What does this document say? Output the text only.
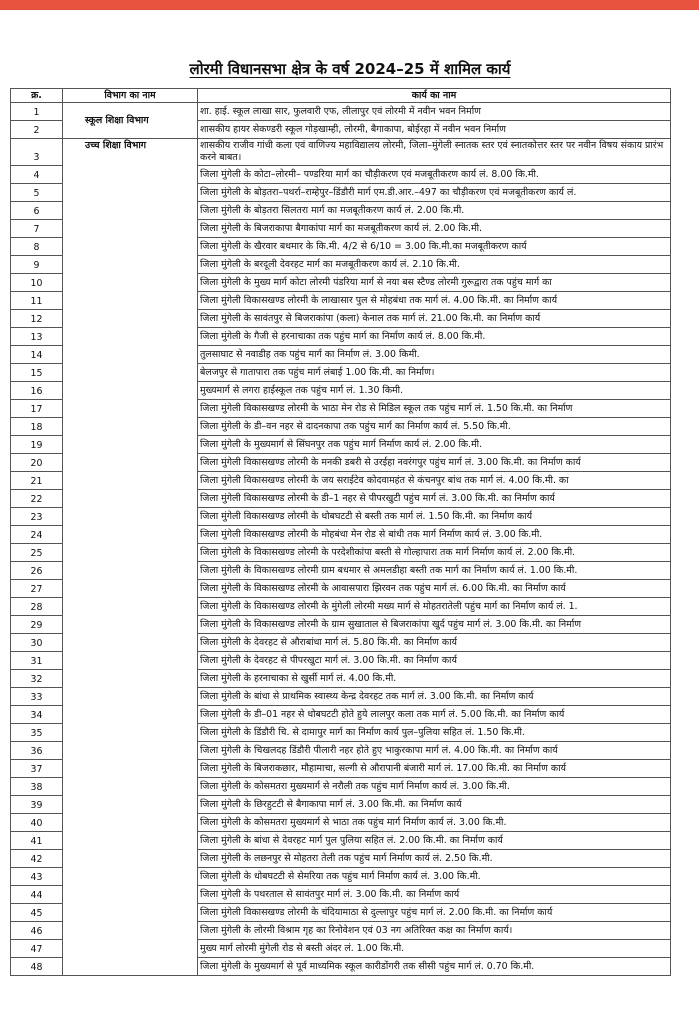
लोरमी विधानसभा क्षेत्र के वर्ष 2024–25 में शामिल कार्य
क्र.	विभाग का नाम	कार्य का नाम
1	स्कूल शिक्षा विभाग	शा. हाई. स्कूल लाखा सार, फुलवारी एफ, लीलापुर एवं लोरमी में नवीन भवन निर्माण
2		शासकीय हायर सेकण्डरी स्कूल गोड़खाम्ही, लोरमी, बैगाकापा, बोईरहा में नवीन भवन निर्माण
3	उच्च शिक्षा विभाग	शासकीय राजीव गांधी कला एवं वाणिज्य महाविद्यालय लोरमी, जिला–मुंगेली स्नातक स्तर एवं स्नातकोत्तर स्तर पर नवीन विषय संकाय प्रारंभ करने बाबत।
4		जिला मुंगेली के कोटा–लोरमी– पण्डरिया मार्ग का चौड़ीकरण एवं मजबूतीकरण कार्य लं. 8.00 कि.मी.
5		जिला मुंगेली के बोड़तरा–पथर्रा–राम्हेपुर–डिंडौरी मार्ग एम.डी.आर.–497 का चौड़ीकरण एवं मजबूतीकरण कार्य लं.
6		जिला मुंगेली के बोड़तरा सिलतरा मार्ग का मजबूतीकरण कार्य लं. 2.00 कि.मी.
7		जिला मुंगेली के बिजराकापा बैगाकांपा मार्ग का मजबूतीकरण कार्य लं. 2.00 कि.मी.
8		जिला मुंगेली के खैरवार बधमार के कि.मी. 4/2 से 6/10 = 3.00 कि.मी.का मजबूतीकरण कार्य
9		जिला मुंगेली के बरदूली देवरहट मार्ग का मजबूतीकरण कार्य लं. 2.10 कि.मी.
10		जिला मुंगेली के मुख्य मार्ग कोटा लोरमी पंडरिया मार्ग से नया बस स्टैण्ड लोरमी गुरूद्वारा तक पहुंच मार्ग का
11		जिला मुंगेली विकासखण्ड लोरमी के लाखासार पुल से मोहबंधा तक मार्ग लं. 4.00 कि.मी. का निर्माण कार्य
12		जिला मुंगेली के सावंतपुर से बिजराकांपा (कला) केनाल तक मार्ग लं. 21.00 कि.मी. का निर्माण कार्य
13		जिला मुंगेली के गैजी से हरनाचाका तक पहुंच मार्ग का निर्माण कार्य लं. 8.00 कि.मी.
14		तुलसाघाट से नवाडीह तक पहुंच मार्ग का निर्माण लं. 3.00 किमी.
15		बेलजपुर से गातापारा तक पहुंच मार्ग लंबाई 1.00 कि.मी. का निर्माण।
16		मुख्यमार्ग से लगरा हाईस्कूल तक पहुंच मार्ग लं. 1.30 किमी.
17		जिला मुंगेली विकासखण्ड लोरमी के भाठा मेन रोड से मिडिल स्कूल तक पहुंच मार्ग लं. 1.50 कि.मी. का निर्माण
18		जिला मुंगेली के डी–वन नहर से दादनकापा तक पहुंच मार्ग का निर्माण कार्य लं. 5.50 कि.मी.
19		जिला मुंगेली के मुख्यमार्ग से सिंघनपुर तक पहुंच मार्ग निर्माण कार्य लं. 2.00 कि.मी.
20		जिला मुंगेली विकासखण्ड लोरमी के मनकी डबरी से उरईहा नवरंगपुर पहुंच मार्ग लं. 3.00 कि.मी. का निर्माण कार्य
21		जिला मुंगेली विकासखण्ड लोरमी के जय सराईटेव कोदवामहंत से कंचनपुर बांध तक मार्ग लं. 4.00 कि.मी. का
22		जिला मुंगेली विकासखण्ड लोरमी के डी–1 नहर से पीपरखुटी पहुंच मार्ग लं. 3.00 कि.मी. का निर्माण कार्य
23		जिला मुंगेली विकासखण्ड लोरमी के धोबघटटी से बस्ती तक मार्ग लं. 1.50 कि.मी. का निर्माण कार्य
24		जिला मुंगेली विकासखण्ड लोरमी के मोहबंधा मेन रोड से बांधी तक मार्ग निर्माण कार्य लं. 3.00 कि.मी.
25		जिला मुंगेली के विकासखण्ड लोरमी के परदेशीकांपा बस्ती से गोल्हापारा तक मार्ग निर्माण कार्य लं. 2.00 कि.मी.
26		जिला मुंगेली के विकासखण्ड लोरमी ग्राम बधमार से अमलडीहा बस्ती तक मार्ग का निर्माण कार्य लं. 1.00 कि.मी.
27		जिला मुंगेली के विकासखण्ड लोरमी के आवासपारा झिरवन तक पहुंच मार्ग लं. 6.00 कि.मी. का निर्माण कार्य
28		जिला मुंगेली के विकासखण्ड लोरमी के मुंगेली लोरमी मख्य मार्ग से मोहतरातेली पहुंच मार्ग का निर्माण कार्य लं. 1.
29		जिला मुंगेली के विकासखण्ड लोरमी के ग्राम सुखाताल से बिजराकांपा खुर्द पहुंच मार्ग लं. 3.00 कि.मी. का निर्माण
30		जिला मुंगेली के देवरहट से औराबांधा मार्ग लं. 5.80 कि.मी. का निर्माण कार्य
31		जिला मुंगेली के देवरहट से पीपरखुटा मार्ग लं. 3.00 कि.मी. का निर्माण कार्य
32		जिला मुंगेली के हरनाचाका से खुर्सी मार्ग लं. 4.00 कि.मी.
33		जिला मुंगेली के बांधा से प्राथमिक स्वास्थ्य केन्द्र देवरहट तक मार्ग लं. 3.00 कि.मी. का निर्माण कार्य
34		जिला मुंगेली के डी–01 नहर से धोबघटटी होते हुये लालपुर कला तक मार्ग लं. 5.00 कि.मी. का निर्माण कार्य
35		जिला मुंगेली के डिंडौरी चि. से दामापुर मार्ग का निर्माण कार्य पुल–पुलिया सहित लं. 1.50 कि.मी.
36		जिला मुंगेली के चिखलदह डिंडौरी पीलारी नहर होते हुए भाकुरकापा मार्ग लं. 4.00 कि.मी. का निर्माण कार्य
37		जिला मुंगेली के बिजराकछार, मौहामाचा, सल्गी से औरापानी बंजारी मार्ग लं. 17.00 कि.मी. का निर्माण कार्य
38		जिला मुंगेली के कोसमतरा मुख्यमार्ग से नरौली तक पहुंच मार्ग निर्माण कार्य लं. 3.00 कि.मी.
39		जिला मुंगेली के छिरहुटटी से बैगाकापा मार्ग लं. 3.00 कि.मी. का निर्माण कार्य
40		जिला मुंगेली के कोसमतरा मुख्यमार्ग से भाठा तक पहुंच मार्ग निर्माण कार्य लं. 3.00 कि.मी.
41		जिला मुंगेली के बांधा से देवरहट मार्ग पुल पुलिया सहित लं. 2.00 कि.मी. का निर्माण कार्य
42		जिला मुंगेली के लछनपुर से मोहतरा तेली तक पहुंच मार्ग निर्माण कार्य लं. 2.50 कि.मी.
43		जिला मुंगेली के धोबघटटी से सेमरिया तक पहुंच मार्ग निर्माण कार्य लं. 3.00 कि.मी.
44		जिला मुंगेली के पथरताल से सावंतपुर मार्ग लं. 3.00 कि.मी. का निर्माण कार्य
45		जिला मुंगेली विकासखण्ड लोरमी के चंदियामाठा से दुल्लापुर पहुंच मार्ग लं. 2.00 कि.मी. का निर्माण कार्य
46		जिला मुंगेली के लोरमी विश्राम गृह का रिनोवेशन एवं 03 नग अतिरिक्त कक्ष का निर्माण कार्य।
47		मुख्य मार्ग लोरमी मुंगेली रोड से बस्ती अंदर लं. 1.00 कि.मी.
48		जिला मुंगेली के मुख्यमार्ग से पूर्व माध्यमिक स्कूल कारीडोंगरी तक सीसी पहुंच मार्ग लं. 0.70 कि.मी.
